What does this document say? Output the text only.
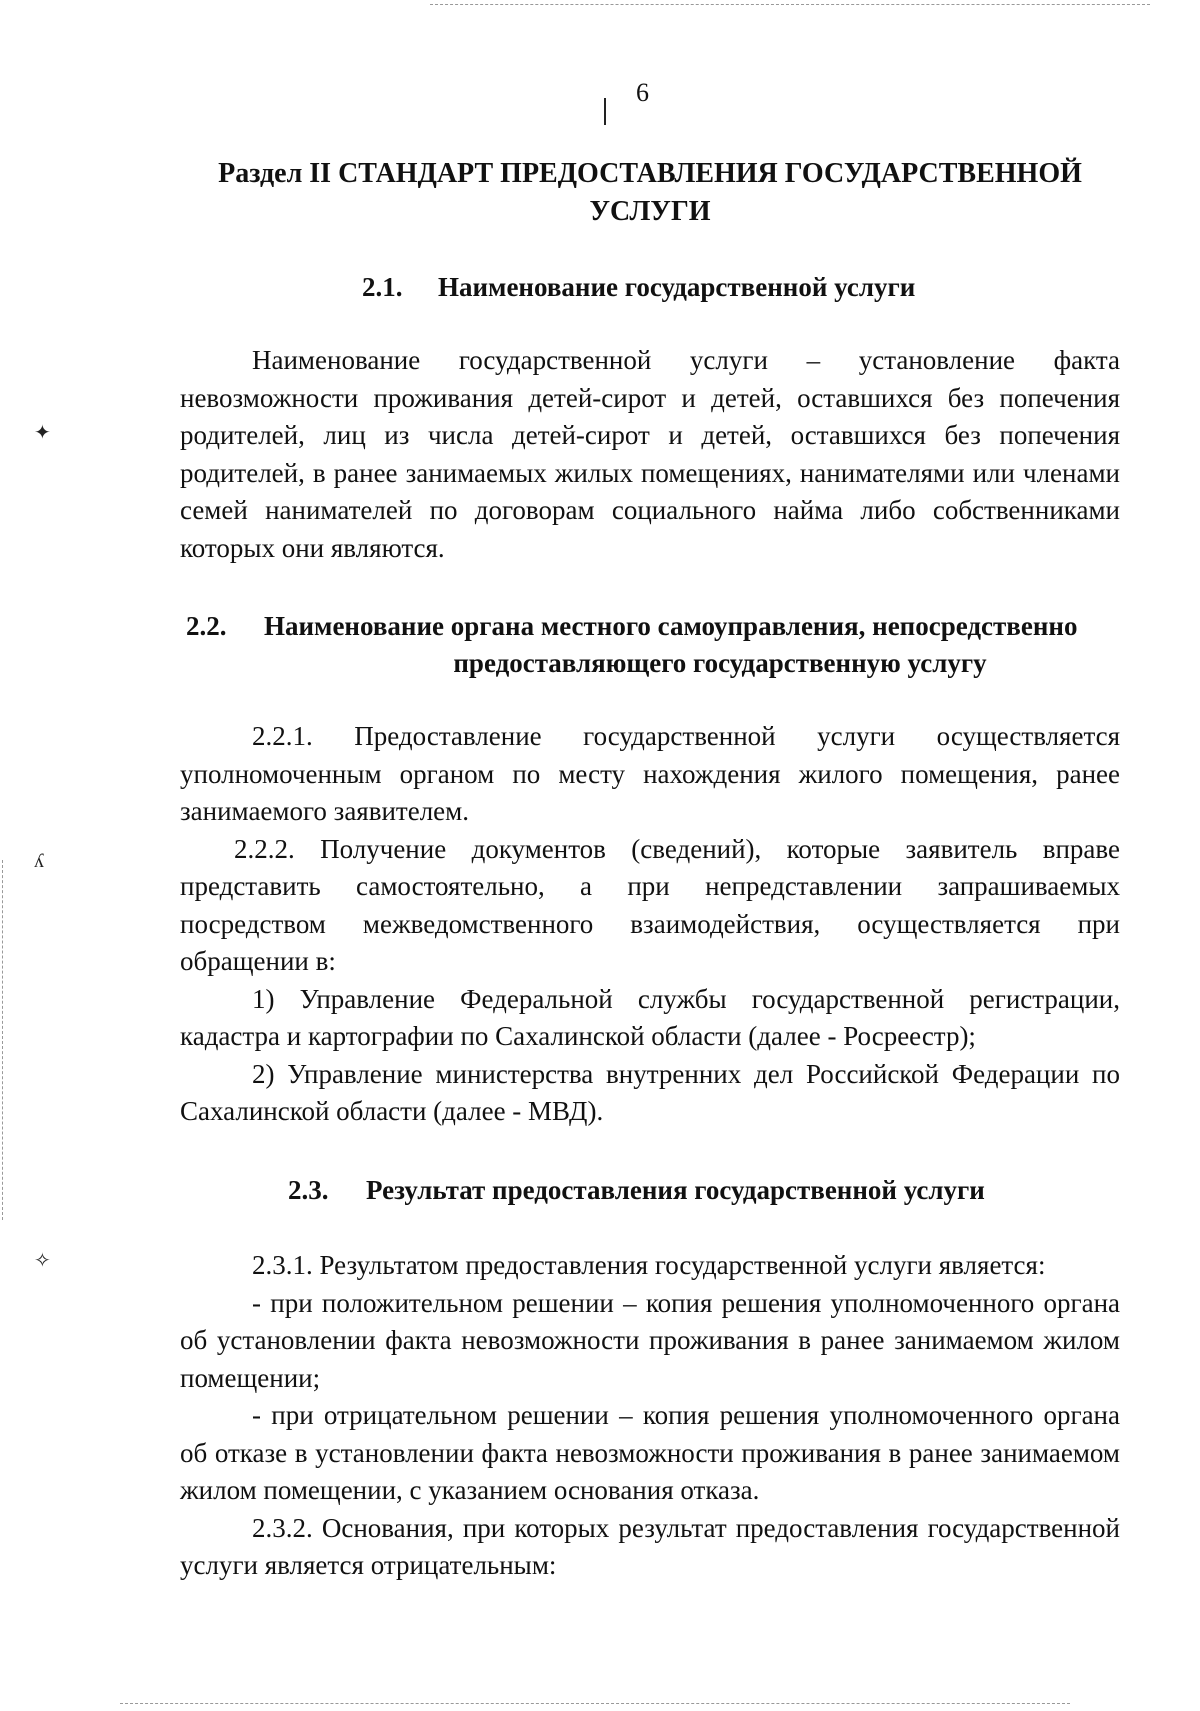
6
Раздел II СТАНДАРТ ПРЕДОСТАВЛЕНИЯ ГОСУДАРСТВЕННОЙ
УСЛУГИ
2.1. Наименование государственной услуги

Наименование государственной услуги – установление факта невозможности проживания детей-сирот и детей, оставшихся без попечения родителей, лиц из числа детей-сирот и детей, оставшихся без попечения родителей, в ранее занимаемых жилых помещениях, нанимателями или членами семей нанимателей по договорам социального найма либо собственниками которых они являются.

2.2. Наименование органа местного самоуправления, непосредственно
предоставляющего государственную услугу

2.2.1. Предоставление государственной услуги осуществляется уполномоченным органом по месту нахождения жилого помещения, ранее занимаемого заявителем.

2.2.2. Получение документов (сведений), которые заявитель вправе представить самостоятельно, а при непредставлении запрашиваемых посредством межведомственного взаимодействия, осуществляется при обращении в:

1) Управление Федеральной службы государственной регистрации, кадастра и картографии по Сахалинской области (далее - Росреестр);

2) Управление министерства внутренних дел Российской Федерации по Сахалинской области (далее - МВД).

2.3. Результат предоставления государственной услуги

2.3.1. Результатом предоставления государственной услуги является:

- при положительном решении – копия решения уполномоченного органа об установлении факта невозможности проживания в ранее занимаемом жилом помещении;

- при отрицательном решении – копия решения уполномоченного органа об отказе в установлении факта невозможности проживания в ранее занимаемом жилом помещении, с указанием основания отказа.

2.3.2. Основания, при которых результат предоставления государственной услуги является отрицательным:

✦
ʎ
✧
